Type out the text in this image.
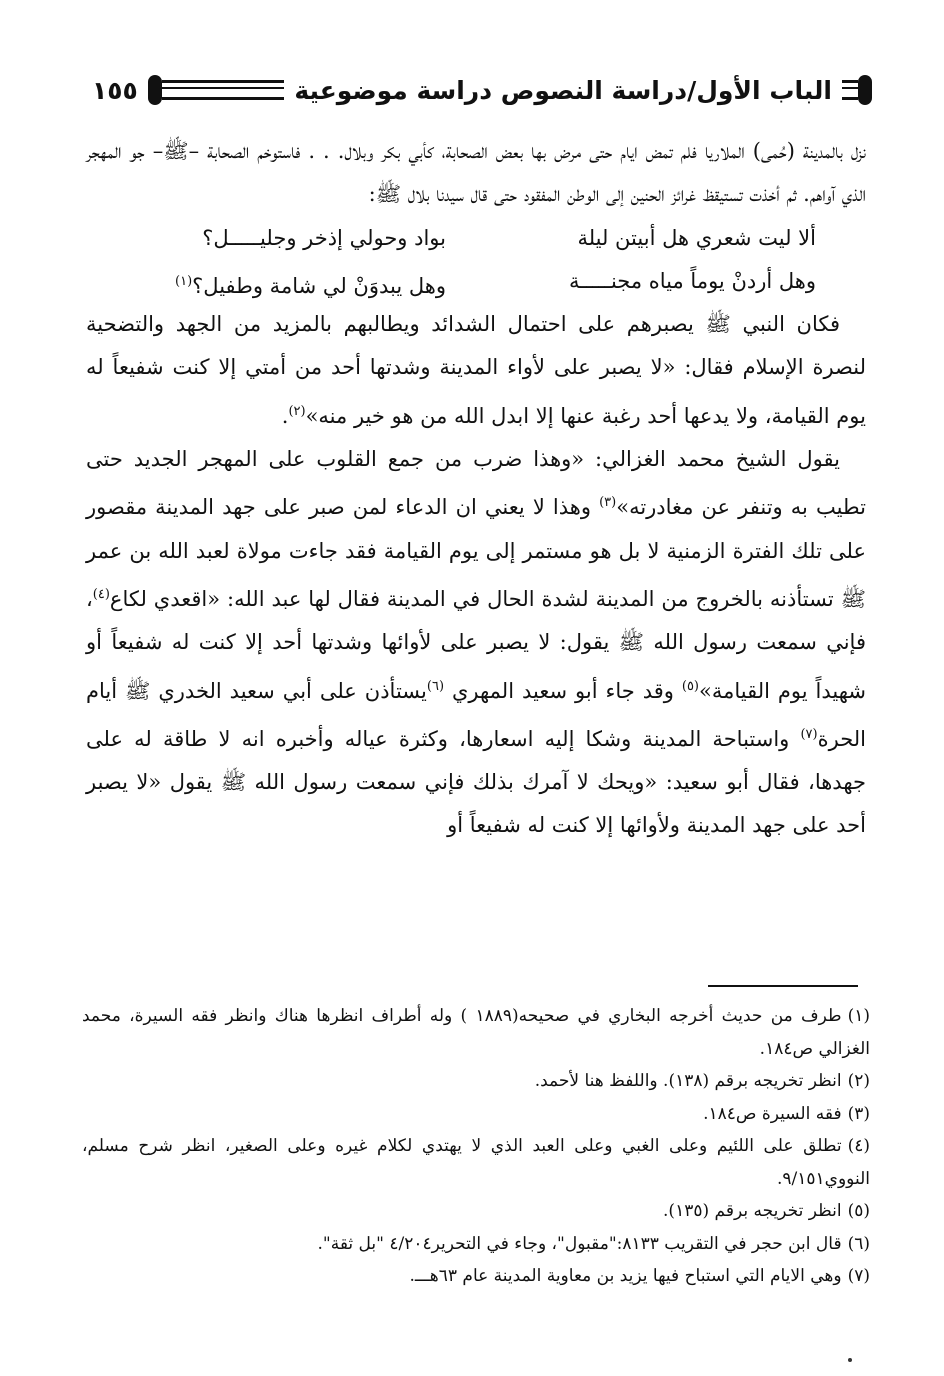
الباب الأول/دراسة النصوص دراسة موضوعية
١٥٥

نزل بالمدينة (حُمى) الملاريا فلم تمض ايام حتى مرض بها بعض الصحابة، كأبي بكر وبلال. . . فاستوخم الصحابة –ﷺ– جو المهجر الذي آواهم. ثم أخذت تستيقظ غرائز الحنين إلى الوطن المفقود حتى قال سيدنا بلال ﷺ:

ألا ليت شعري هل أبيتن ليلة
بواد وحولي إذخر وجليـــــل؟
وهل أردنْ يوماً مياه مجنـــــة
وهل يبدوَنْ لي شامة وطفيل؟$^{(١)}$

فكان النبي ﷺ يصبرهم على احتمال الشدائد ويطالبهم بالمزيد من الجهد والتضحية لنصرة الإسلام فقال: «لا يصبر على لأواء المدينة وشدتها أحد من أمتي إلا كنت شفيعاً له يوم القيامة، ولا يدعها أحد رغبة عنها إلا ابدل الله من هو خير منه»$^{(٢)}$.

يقول الشيخ محمد الغزالي: «وهذا ضرب من جمع القلوب على المهجر الجديد حتى تطيب به وتنفر عن مغادرته»$^{(٣)}$ وهذا لا يعني ان الدعاء لمن صبر على جهد المدينة مقصور على تلك الفترة الزمنية لا بل هو مستمر إلى يوم القيامة فقد جاءت مولاة لعبد الله بن عمر ﷺ تستأذنه بالخروج من المدينة لشدة الحال في المدينة فقال لها عبد الله: «اقعدي لكاع$^{(٤)}$، فإني سمعت رسول الله ﷺ يقول: لا يصبر على لأوائها وشدتها أحد إلا كنت له شفيعاً أو شهيداً يوم القيامة»$^{(٥)}$ وقد جاء أبو سعيد المهري $^{(٦)}$يستأذن على أبي سعيد الخدري ﷺ أيام الحرة$^{(٧)}$ واستباحة المدينة وشكا إليه اسعارها، وكثرة عياله وأخبره انه لا طاقة له على جهدها، فقال أبو سعيد: «ويحك لا آمرك بذلك فإني سمعت رسول الله ﷺ يقول «لا يصبر أحد على جهد المدينة ولأوائها إلا كنت له شفيعاً أو

(١)طرف من حديث أخرجه البخاري في صحيحه(١٨٨٩ ) وله أطراف انظرها هناك وانظر فقه السيرة، محمد الغزالي ص١٨٤.

(٢)انظر تخريجه برقم (١٣٨). واللفظ هنا لأحمد.

(٣)فقه السيرة ص١٨٤.

(٤)تطلق على اللئيم وعلى الغبي وعلى العبد الذي لا يهتدي لكلام غيره وعلى الصغير، انظر شرح مسلم، النووي٩/١٥١.

(٥)انظر تخريجه برقم (١٣٥).

(٦)قال ابن حجر في التقريب ٨١٣٣:"مقبول"، وجاء في التحرير٤/٢٠٤ "بل ثقة".

(٧)وهي الايام التي استباح فيها يزيد بن معاوية المدينة عام ٦٣هـــ.
